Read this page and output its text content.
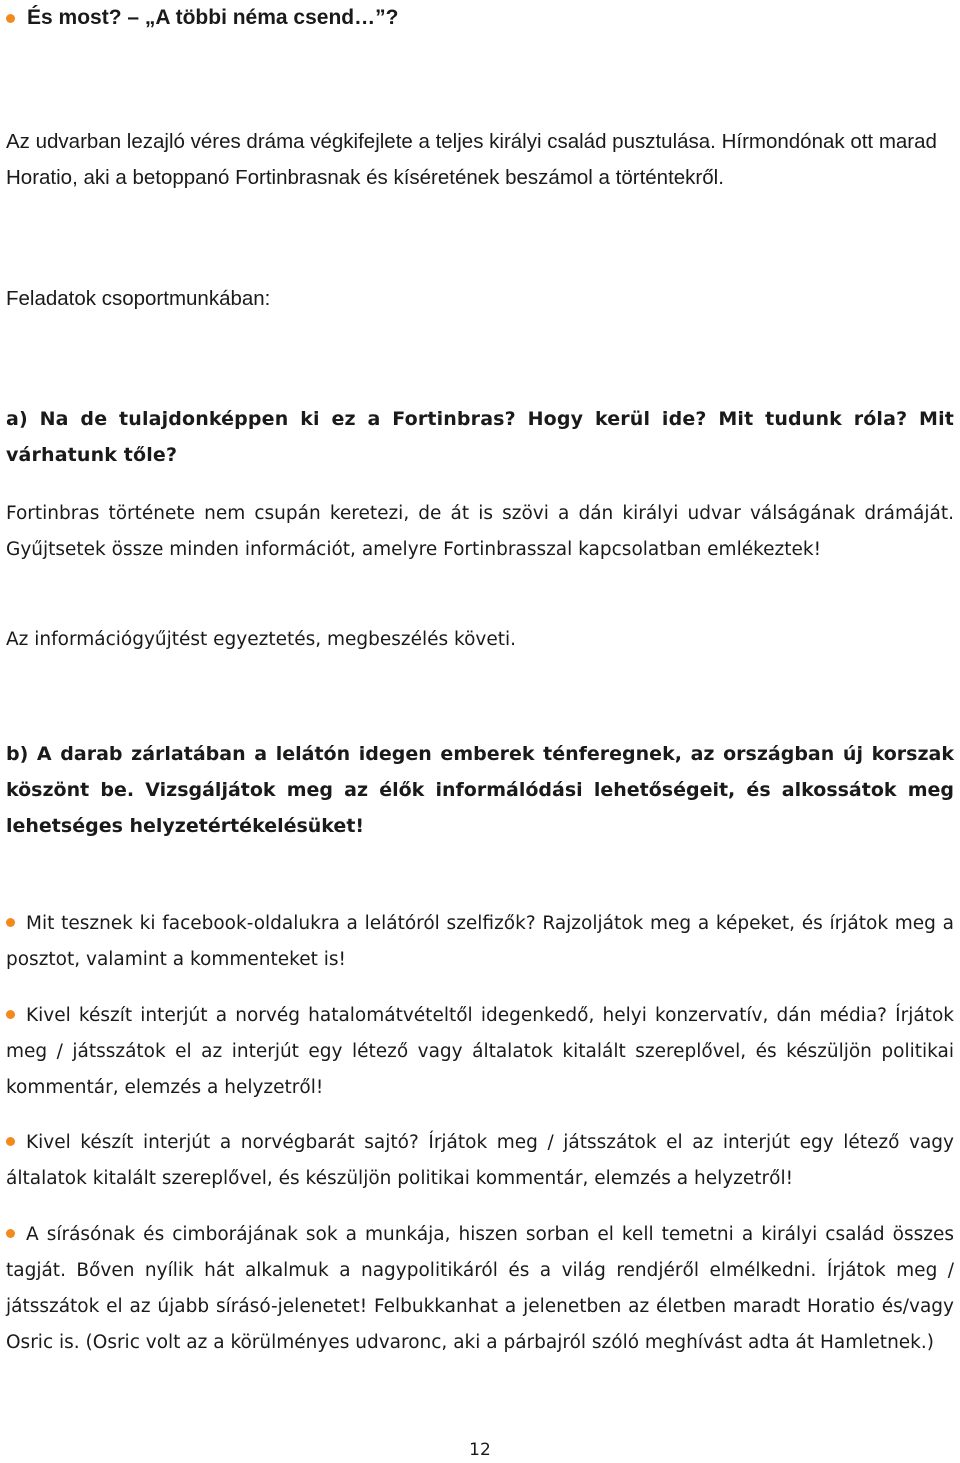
És most? – „A többi néma csend…”?
Az udvarban lezajló véres dráma végkifejlete a teljes királyi család pusztulása. Hírmondónak ott marad Horatio, aki a betoppanó Fortinbrasnak és kíséretének beszámol a történtekről.
Feladatok csoportmunkában:
a) Na de tulajdonképpen ki ez a Fortinbras? Hogy kerül ide? Mit tudunk róla? Mit várhatunk tőle?
Fortinbras története nem csupán keretezi, de át is szövi a dán királyi udvar válságának drámáját. Gyűjtsetek össze minden információt, amelyre Fortinbrasszal kapcsolatban emlékeztek!
Az információgyűjtést egyeztetés, megbeszélés követi.
b) A darab zárlatában a lelátón idegen emberek ténferegnek, az országban új korszak köszönt be. Vizsgáljátok meg az élők informálódási lehetőségeit, és alkossátok meg lehetséges helyzetértékelésüket!
Mit tesznek ki facebook-oldalukra a lelátóról szelfizők? Rajzoljátok meg a képeket, és írjátok meg a posztot, valamint a kommenteket is!
Kivel készít interjút a norvég hatalomátvételtől idegenkedő, helyi konzervatív, dán média? Írjátok meg / játsszátok el az interjút egy létező vagy általatok kitalált szereplővel, és készüljön politikai kommentár, elemzés a helyzetről!
Kivel készít interjút a norvégbarát sajtó? Írjátok meg / játsszátok el az interjút egy létező vagy általatok kitalált szereplővel, és készüljön politikai kommentár, elemzés a helyzetről!
A sírásónak és cimborájának sok a munkája, hiszen sorban el kell temetni a királyi család összes tagját. Bőven nyílik hát alkalmuk a nagypolitikáról és a világ rendjéről elmélkedni. Írjátok meg / játsszátok el az újabb sírásó-jelenetet! Felbukkanhat a jelenetben az életben maradt Horatio és/vagy Osric is. (Osric volt az a körülményes udvaronc, aki a párbajról szóló meghívást adta át Hamletnek.)
12
